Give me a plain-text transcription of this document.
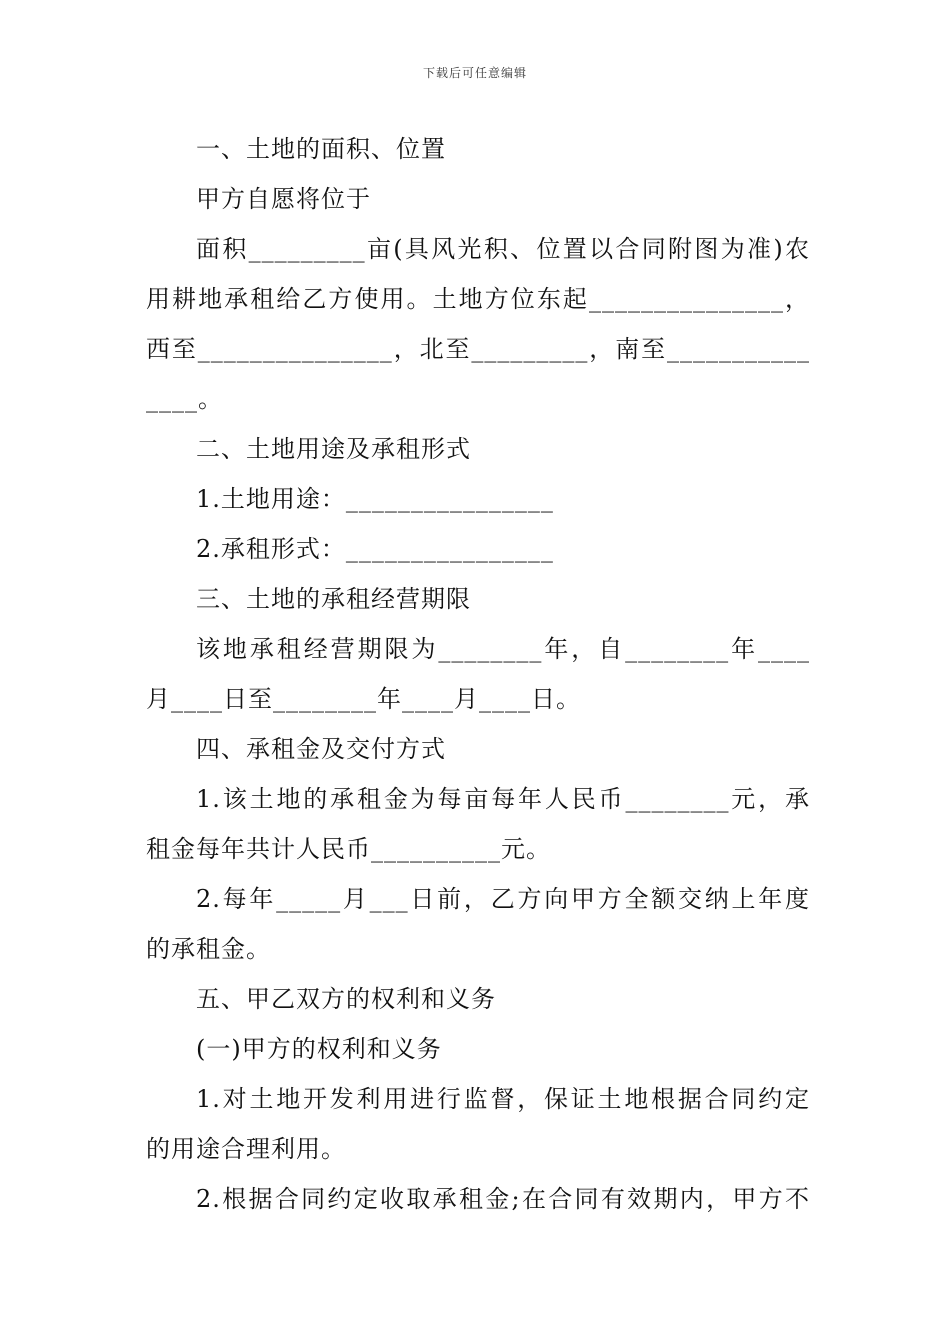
下载后可任意编辑
一、土地的面积、位置
甲方自愿将位于
面积_________亩(具风光积、位置以合同附图为准)农
用耕地承租给乙方使用。土地方位东起_______________，
西至_______________，北至_________，南至___________
____。
二、土地用途及承租形式
1.土地用途：________________
2.承租形式：________________
三、土地的承租经营期限
该地承租经营期限为________年，自________年____
月____日至________年____月____日。
四、承租金及交付方式
1.该土地的承租金为每亩每年人民币________元，承
租金每年共计人民币__________元。
2.每年_____月___日前，乙方向甲方全额交纳上年度
的承租金。
五、甲乙双方的权利和义务
(一)甲方的权利和义务
1.对土地开发利用进行监督，保证土地根据合同约定
的用途合理利用。
2.根据合同约定收取承租金;在合同有效期内，甲方不
